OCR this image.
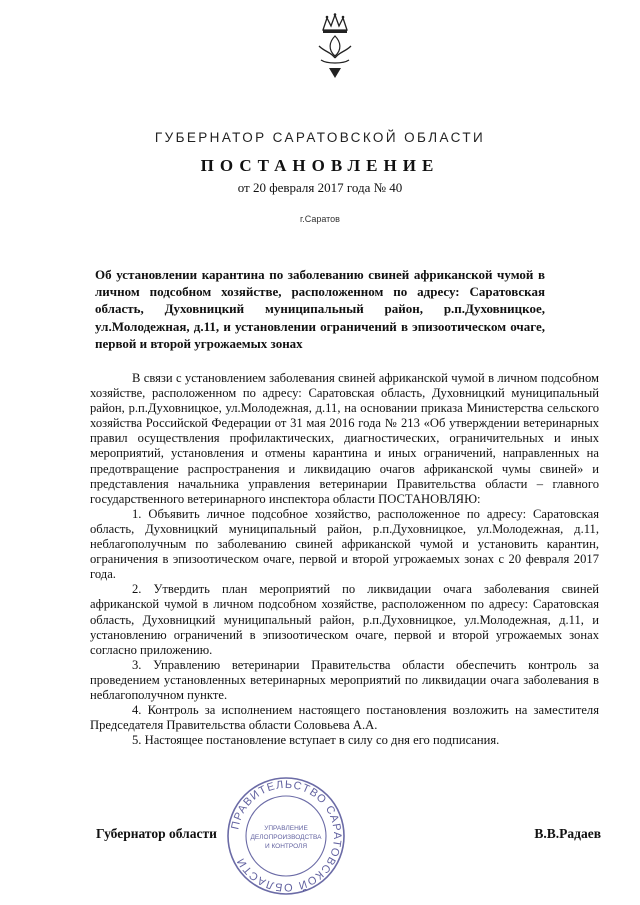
ГУБЕРНАТОР САРАТОВСКОЙ ОБЛАСТИ
ПОСТАНОВЛЕНИЕ
от 20 февраля 2017 года № 40
г.Саратов
Об установлении карантина по заболеванию свиней африканской чумой в личном подсобном хозяйстве, расположенном по адресу: Саратовская область, Духовницкий муниципальный район, р.п.Духовницкое, ул.Молодежная, д.11, и установлении ограничений в эпизоотическом очаге, первой и второй угрожаемых зонах

В связи с установлением заболевания свиней африканской чумой в личном подсобном хозяйстве, расположенном по адресу: Саратовская область, Духовницкий муниципальный район, р.п.Духовницкое, ул.Молодежная, д.11, на основании приказа Министерства сельского хозяйства Российской Федерации от 31 мая 2016 года № 213 «Об утверждении ветеринарных правил осуществления профилактических, диагностических, ограничительных и иных мероприятий, установления и отмены карантина и иных ограничений, направленных на предотвращение распространения и ликвидацию очагов африканской чумы свиней» и представления начальника управления ветеринарии Правительства области – главного государственного ветеринарного инспектора области ПОСТАНОВЛЯЮ:

1. Объявить личное подсобное хозяйство, расположенное по адресу: Саратовская область, Духовницкий муниципальный район, р.п.Духовницкое, ул.Молодежная, д.11, неблагополучным по заболеванию свиней африканской чумой и установить карантин, ограничения в эпизоотическом очаге, первой и второй угрожаемых зонах с 20 февраля 2017 года.

2. Утвердить план мероприятий по ликвидации очага заболевания свиней африканской чумой в личном подсобном хозяйстве, расположенном по адресу: Саратовская область, Духовницкий муниципальный район, р.п.Духовницкое, ул.Молодежная, д.11, и установлению ограничений в эпизоотическом очаге, первой и второй угрожаемых зонах согласно приложению.

3. Управлению ветеринарии Правительства области обеспечить контроль за проведением установленных ветеринарных мероприятий по ликвидации очага заболевания в неблагополучном пункте.

4. Контроль за исполнением настоящего постановления возложить на заместителя Председателя Правительства области Соловьева А.А.

5. Настоящее постановление вступает в силу со дня его подписания.

ПРАВИТЕЛЬСТВО САРАТОВСКОЙ ОБЛАСТИ
УПРАВЛЕНИЕ
ДЕЛОПРОИЗВОДСТВА
И КОНТРОЛЯ
Губернатор области	В.В.Радаев
